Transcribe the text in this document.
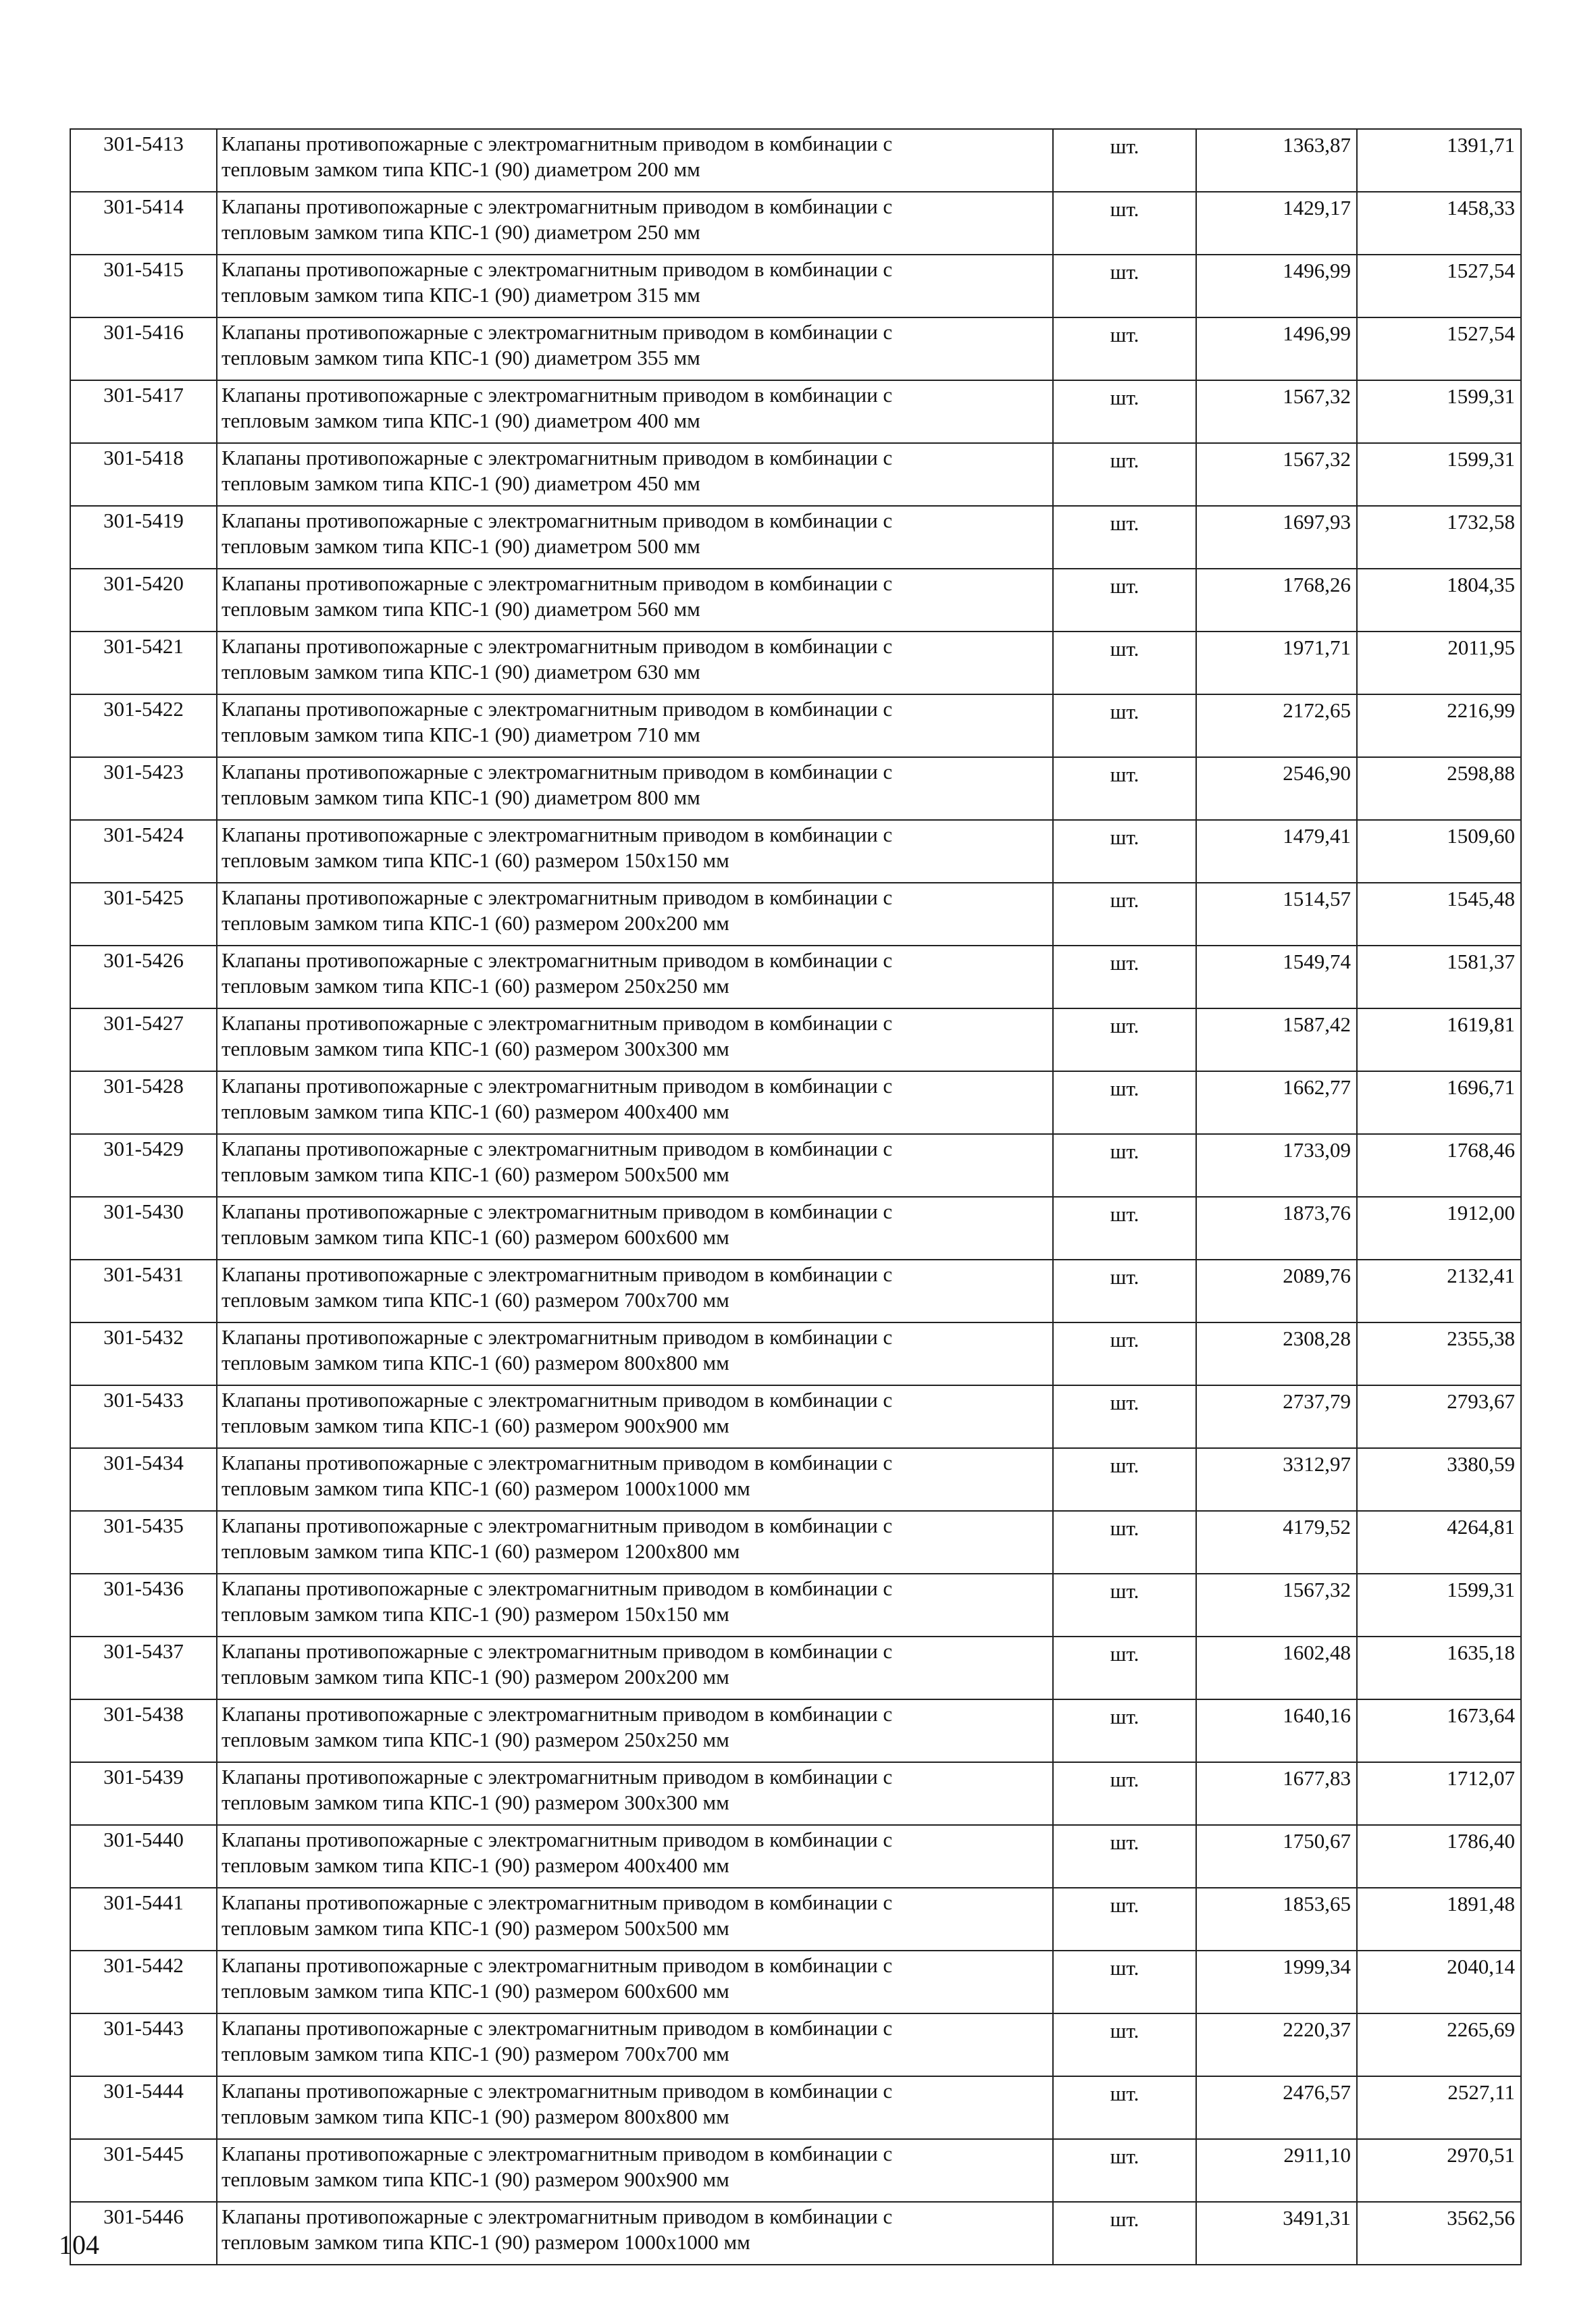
301-5413	Клапаны противопожарные с электромагнитным приводом в комбинации с
тепловым замком типа КПС-1 (90) диаметром 200 мм	шт.	1363,87	1391,71
301-5414	Клапаны противопожарные с электромагнитным приводом в комбинации с
тепловым замком типа КПС-1 (90) диаметром 250 мм	шт.	1429,17	1458,33
301-5415	Клапаны противопожарные с электромагнитным приводом в комбинации с
тепловым замком типа КПС-1 (90) диаметром 315 мм	шт.	1496,99	1527,54
301-5416	Клапаны противопожарные с электромагнитным приводом в комбинации с
тепловым замком типа КПС-1 (90) диаметром 355 мм	шт.	1496,99	1527,54
301-5417	Клапаны противопожарные с электромагнитным приводом в комбинации с
тепловым замком типа КПС-1 (90) диаметром 400 мм	шт.	1567,32	1599,31
301-5418	Клапаны противопожарные с электромагнитным приводом в комбинации с
тепловым замком типа КПС-1 (90) диаметром 450 мм	шт.	1567,32	1599,31
301-5419	Клапаны противопожарные с электромагнитным приводом в комбинации с
тепловым замком типа КПС-1 (90) диаметром 500 мм	шт.	1697,93	1732,58
301-5420	Клапаны противопожарные с электромагнитным приводом в комбинации с
тепловым замком типа КПС-1 (90) диаметром 560 мм	шт.	1768,26	1804,35
301-5421	Клапаны противопожарные с электромагнитным приводом в комбинации с
тепловым замком типа КПС-1 (90) диаметром 630 мм	шт.	1971,71	2011,95
301-5422	Клапаны противопожарные с электромагнитным приводом в комбинации с
тепловым замком типа КПС-1 (90) диаметром 710 мм	шт.	2172,65	2216,99
301-5423	Клапаны противопожарные с электромагнитным приводом в комбинации с
тепловым замком типа КПС-1 (90) диаметром 800 мм	шт.	2546,90	2598,88
301-5424	Клапаны противопожарные с электромагнитным приводом в комбинации с
тепловым замком типа КПС-1 (60) размером 150х150 мм	шт.	1479,41	1509,60
301-5425	Клапаны противопожарные с электромагнитным приводом в комбинации с
тепловым замком типа КПС-1 (60) размером 200х200 мм	шт.	1514,57	1545,48
301-5426	Клапаны противопожарные с электромагнитным приводом в комбинации с
тепловым замком типа КПС-1 (60) размером 250х250 мм	шт.	1549,74	1581,37
301-5427	Клапаны противопожарные с электромагнитным приводом в комбинации с
тепловым замком типа КПС-1 (60) размером 300х300 мм	шт.	1587,42	1619,81
301-5428	Клапаны противопожарные с электромагнитным приводом в комбинации с
тепловым замком типа КПС-1 (60) размером 400х400 мм	шт.	1662,77	1696,71
301-5429	Клапаны противопожарные с электромагнитным приводом в комбинации с
тепловым замком типа КПС-1 (60) размером 500х500 мм	шт.	1733,09	1768,46
301-5430	Клапаны противопожарные с электромагнитным приводом в комбинации с
тепловым замком типа КПС-1 (60) размером 600х600 мм	шт.	1873,76	1912,00
301-5431	Клапаны противопожарные с электромагнитным приводом в комбинации с
тепловым замком типа КПС-1 (60) размером 700х700 мм	шт.	2089,76	2132,41
301-5432	Клапаны противопожарные с электромагнитным приводом в комбинации с
тепловым замком типа КПС-1 (60) размером 800х800 мм	шт.	2308,28	2355,38
301-5433	Клапаны противопожарные с электромагнитным приводом в комбинации с
тепловым замком типа КПС-1 (60) размером 900х900 мм	шт.	2737,79	2793,67
301-5434	Клапаны противопожарные с электромагнитным приводом в комбинации с
тепловым замком типа КПС-1 (60) размером 1000х1000 мм	шт.	3312,97	3380,59
301-5435	Клапаны противопожарные с электромагнитным приводом в комбинации с
тепловым замком типа КПС-1 (60) размером 1200х800 мм	шт.	4179,52	4264,81
301-5436	Клапаны противопожарные с электромагнитным приводом в комбинации с
тепловым замком типа КПС-1 (90) размером 150х150 мм	шт.	1567,32	1599,31
301-5437	Клапаны противопожарные с электромагнитным приводом в комбинации с
тепловым замком типа КПС-1 (90) размером 200х200 мм	шт.	1602,48	1635,18
301-5438	Клапаны противопожарные с электромагнитным приводом в комбинации с
тепловым замком типа КПС-1 (90) размером 250х250 мм	шт.	1640,16	1673,64
301-5439	Клапаны противопожарные с электромагнитным приводом в комбинации с
тепловым замком типа КПС-1 (90) размером 300х300 мм	шт.	1677,83	1712,07
301-5440	Клапаны противопожарные с электромагнитным приводом в комбинации с
тепловым замком типа КПС-1 (90) размером 400х400 мм	шт.	1750,67	1786,40
301-5441	Клапаны противопожарные с электромагнитным приводом в комбинации с
тепловым замком типа КПС-1 (90) размером 500х500 мм	шт.	1853,65	1891,48
301-5442	Клапаны противопожарные с электромагнитным приводом в комбинации с
тепловым замком типа КПС-1 (90) размером 600х600 мм	шт.	1999,34	2040,14
301-5443	Клапаны противопожарные с электромагнитным приводом в комбинации с
тепловым замком типа КПС-1 (90) размером 700х700 мм	шт.	2220,37	2265,69
301-5444	Клапаны противопожарные с электромагнитным приводом в комбинации с
тепловым замком типа КПС-1 (90) размером 800х800 мм	шт.	2476,57	2527,11
301-5445	Клапаны противопожарные с электромагнитным приводом в комбинации с
тепловым замком типа КПС-1 (90) размером 900х900 мм	шт.	2911,10	2970,51
301-5446	Клапаны противопожарные с электромагнитным приводом в комбинации с
тепловым замком типа КПС-1 (90) размером 1000х1000 мм	шт.	3491,31	3562,56
104
